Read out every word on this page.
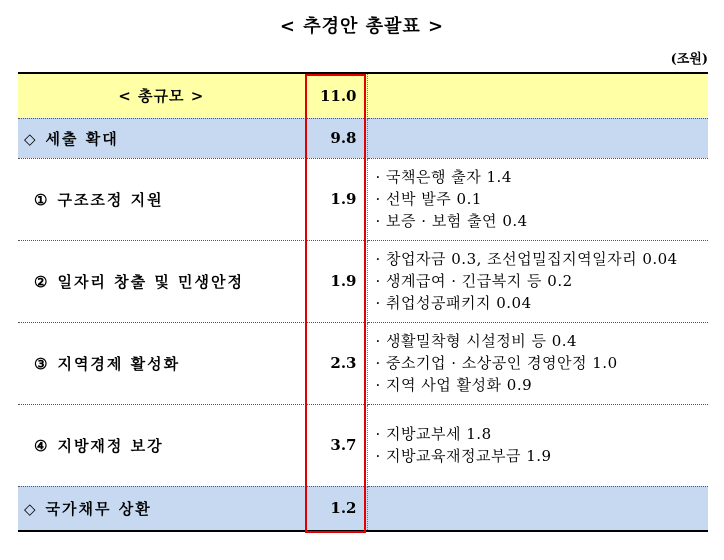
< 추경안 총괄표 >
(조원)
< 총규모 >	11.0	
◇ 세출 확대	9.8	
① 구조조정 지원	1.9	· 국책은행 출자 1.4
· 선박 발주 0.1
· 보증 · 보험 출연 0.4

② 일자리 창출 및 민생안정	1.9	· 창업자금 0.3, 조선업밀집지역일자리 0.04
· 생계급여 · 긴급복지 등 0.2
· 취업성공패키지 0.04

③ 지역경제 활성화	2.3	· 생활밀착형 시설정비 등 0.4
· 중소기업 · 소상공인 경영안정 1.0
· 지역 사업 활성화 0.9

④ 지방재정 보강	3.7	· 지방교부세 1.8
· 지방교육재정교부금 1.9

◇ 국가채무 상환	1.2	
